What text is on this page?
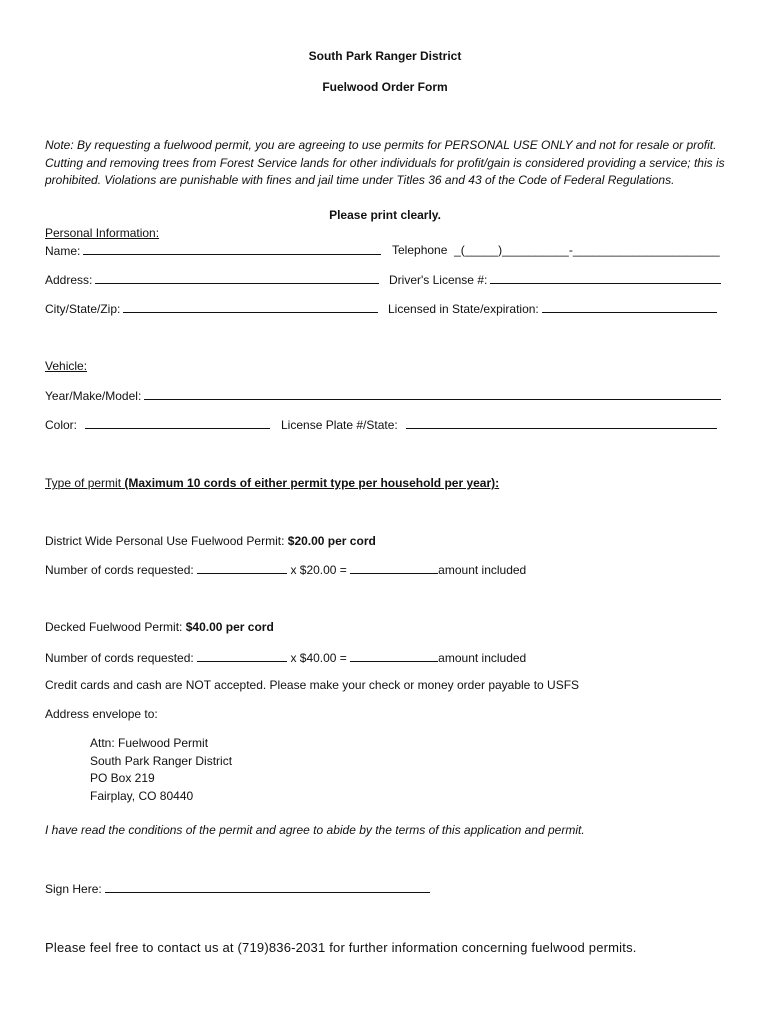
South Park Ranger District
Fuelwood Order Form
Note: By requesting a fuelwood permit, you are agreeing to use permits for PERSONAL USE ONLY and not for resale or profit. Cutting and removing trees from Forest Service lands for other individuals for profit/gain is considered providing a service; this is prohibited. Violations are punishable with fines and jail time under Titles 36 and 43 of the Code of Federal Regulations.
Please print clearly.
Personal Information:
Name:	Telephone  _(_____)__________-______________________
Address:	Driver's License #:
City/State/Zip:	Licensed in State/expiration:
Vehicle:
Year/Make/Model:
Color:	License Plate #/State:
Type of permit (Maximum 10 cords of either permit type per household per year):
District Wide Personal Use Fuelwood Permit: $20.00 per cord
Number of cords requested:	x $20.00 =	amount included
Decked Fuelwood Permit: $40.00 per cord
Number of cords requested:	x $40.00 =	amount included
Credit cards and cash are NOT accepted. Please make your check or money order payable to USFS
Address envelope to:
Attn: Fuelwood Permit
South Park Ranger District
PO Box 219
Fairplay, CO 80440
I have read the conditions of the permit and agree to abide by the terms of this application and permit.
Sign Here:
Please feel free to contact us at (719)836-2031 for further information concerning fuelwood permits.
